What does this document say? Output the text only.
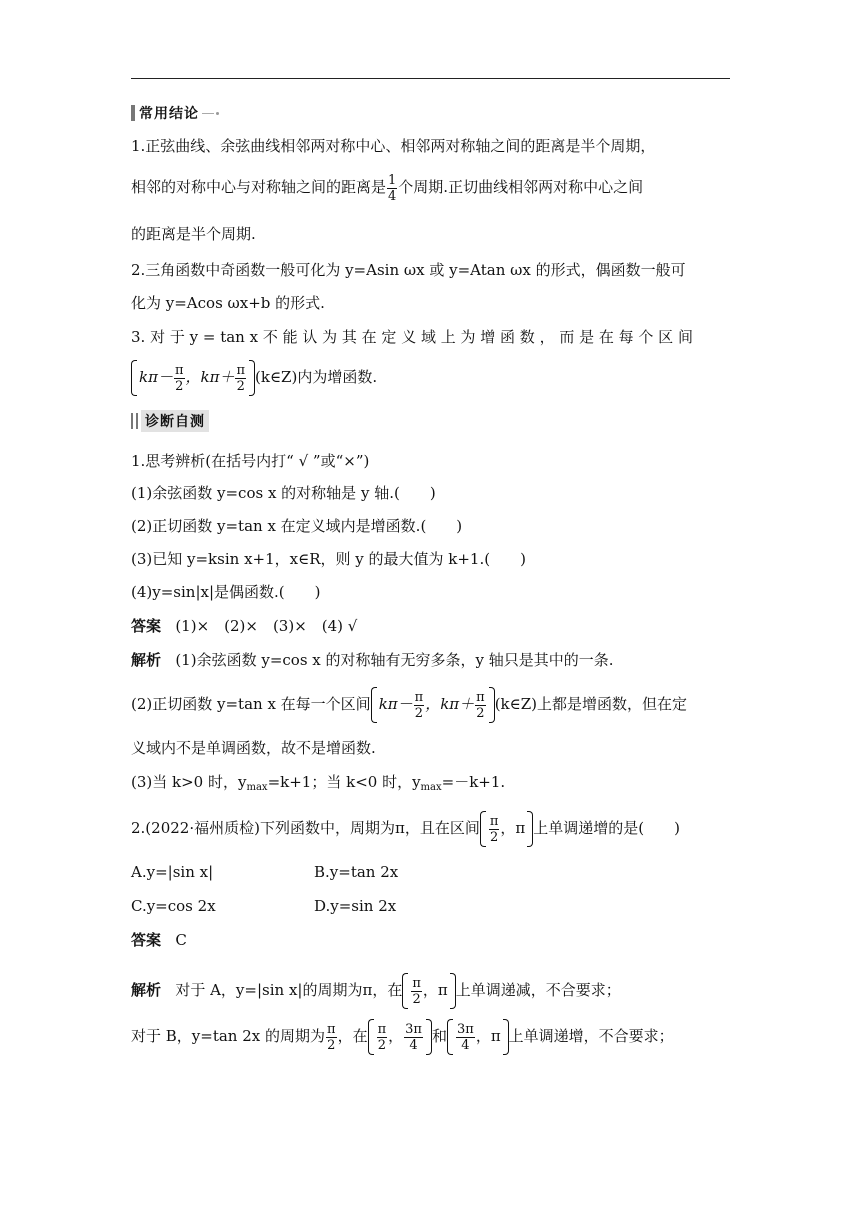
常用结论
1.正弦曲线、余弦曲线相邻两对称中心、相邻两对称轴之间的距离是半个周期，
相邻的对称中心与对称轴之间的距离是 $\frac{1}{4}$ 个周期.正切曲线相邻两对称中心之间
的距离是半个周期.
2.三角函数中奇函数一般可化为 y=Asin ωx 或 y=Atan ωx 的形式，偶函数一般可
化为 y=Acos ωx+b 的形式.
3. 对 于 y = tan x 不 能 认 为 其 在 定 义 域 上 为 增 函 数 ， 而 是 在 每 个 区 间
$k\pi- \frac{\pi}{2}$ ，$k\pi+ \frac{\pi}{2}$ (k∈Z)内为增函数.
诊断自测
1.思考辨析(在括号内打“ √ ”或“×”)
(1)余弦函数 y=cos x 的对称轴是 y 轴.(　　)
(2)正切函数 y=tan x 在定义域内是增函数.(　　)
(3)已知 y=ksin x+1，x∈R，则 y 的最大值为 k+1.(　　)
(4)y=sin|x|是偶函数.(　　)
答案 (1)×　(2)×　(3)×　(4) √
解析 (1)余弦函数 y=cos x 的对称轴有无穷多条，y 轴只是其中的一条.
(2)正切函数 y=tan x 在每一个区间 $k\pi- \frac{\pi}{2}$ ，$k\pi+ \frac{\pi}{2}$ (k∈Z)上都是增函数，但在定
义域内不是单调函数，故不是增函数.
(3)当 k>0 时，$y_{max}=k+1$；当 k<0 时，$y_{max}=-k+1$.
2.(2022·福州质检)下列函数中，周期为π，且在区间 $\frac{\pi}{2}$ ，π 上单调递增的是(　　)
A.y=|sin x|	B.y=tan 2x
C.y=cos 2x	D.y=sin 2x
答案 C
解析 对于 A，y=|sin x|的周期为π，在 $\frac{\pi}{2}$ ，π 上单调递减，不合要求；
对于 B，y=tan 2x 的周期为 $\frac{\pi}{2}$ ，在 $\frac{\pi}{2}$ ， $\frac{3\pi}{4}$ 和 $\frac{3\pi}{4}$ ，π 上单调递增，不合要求；
